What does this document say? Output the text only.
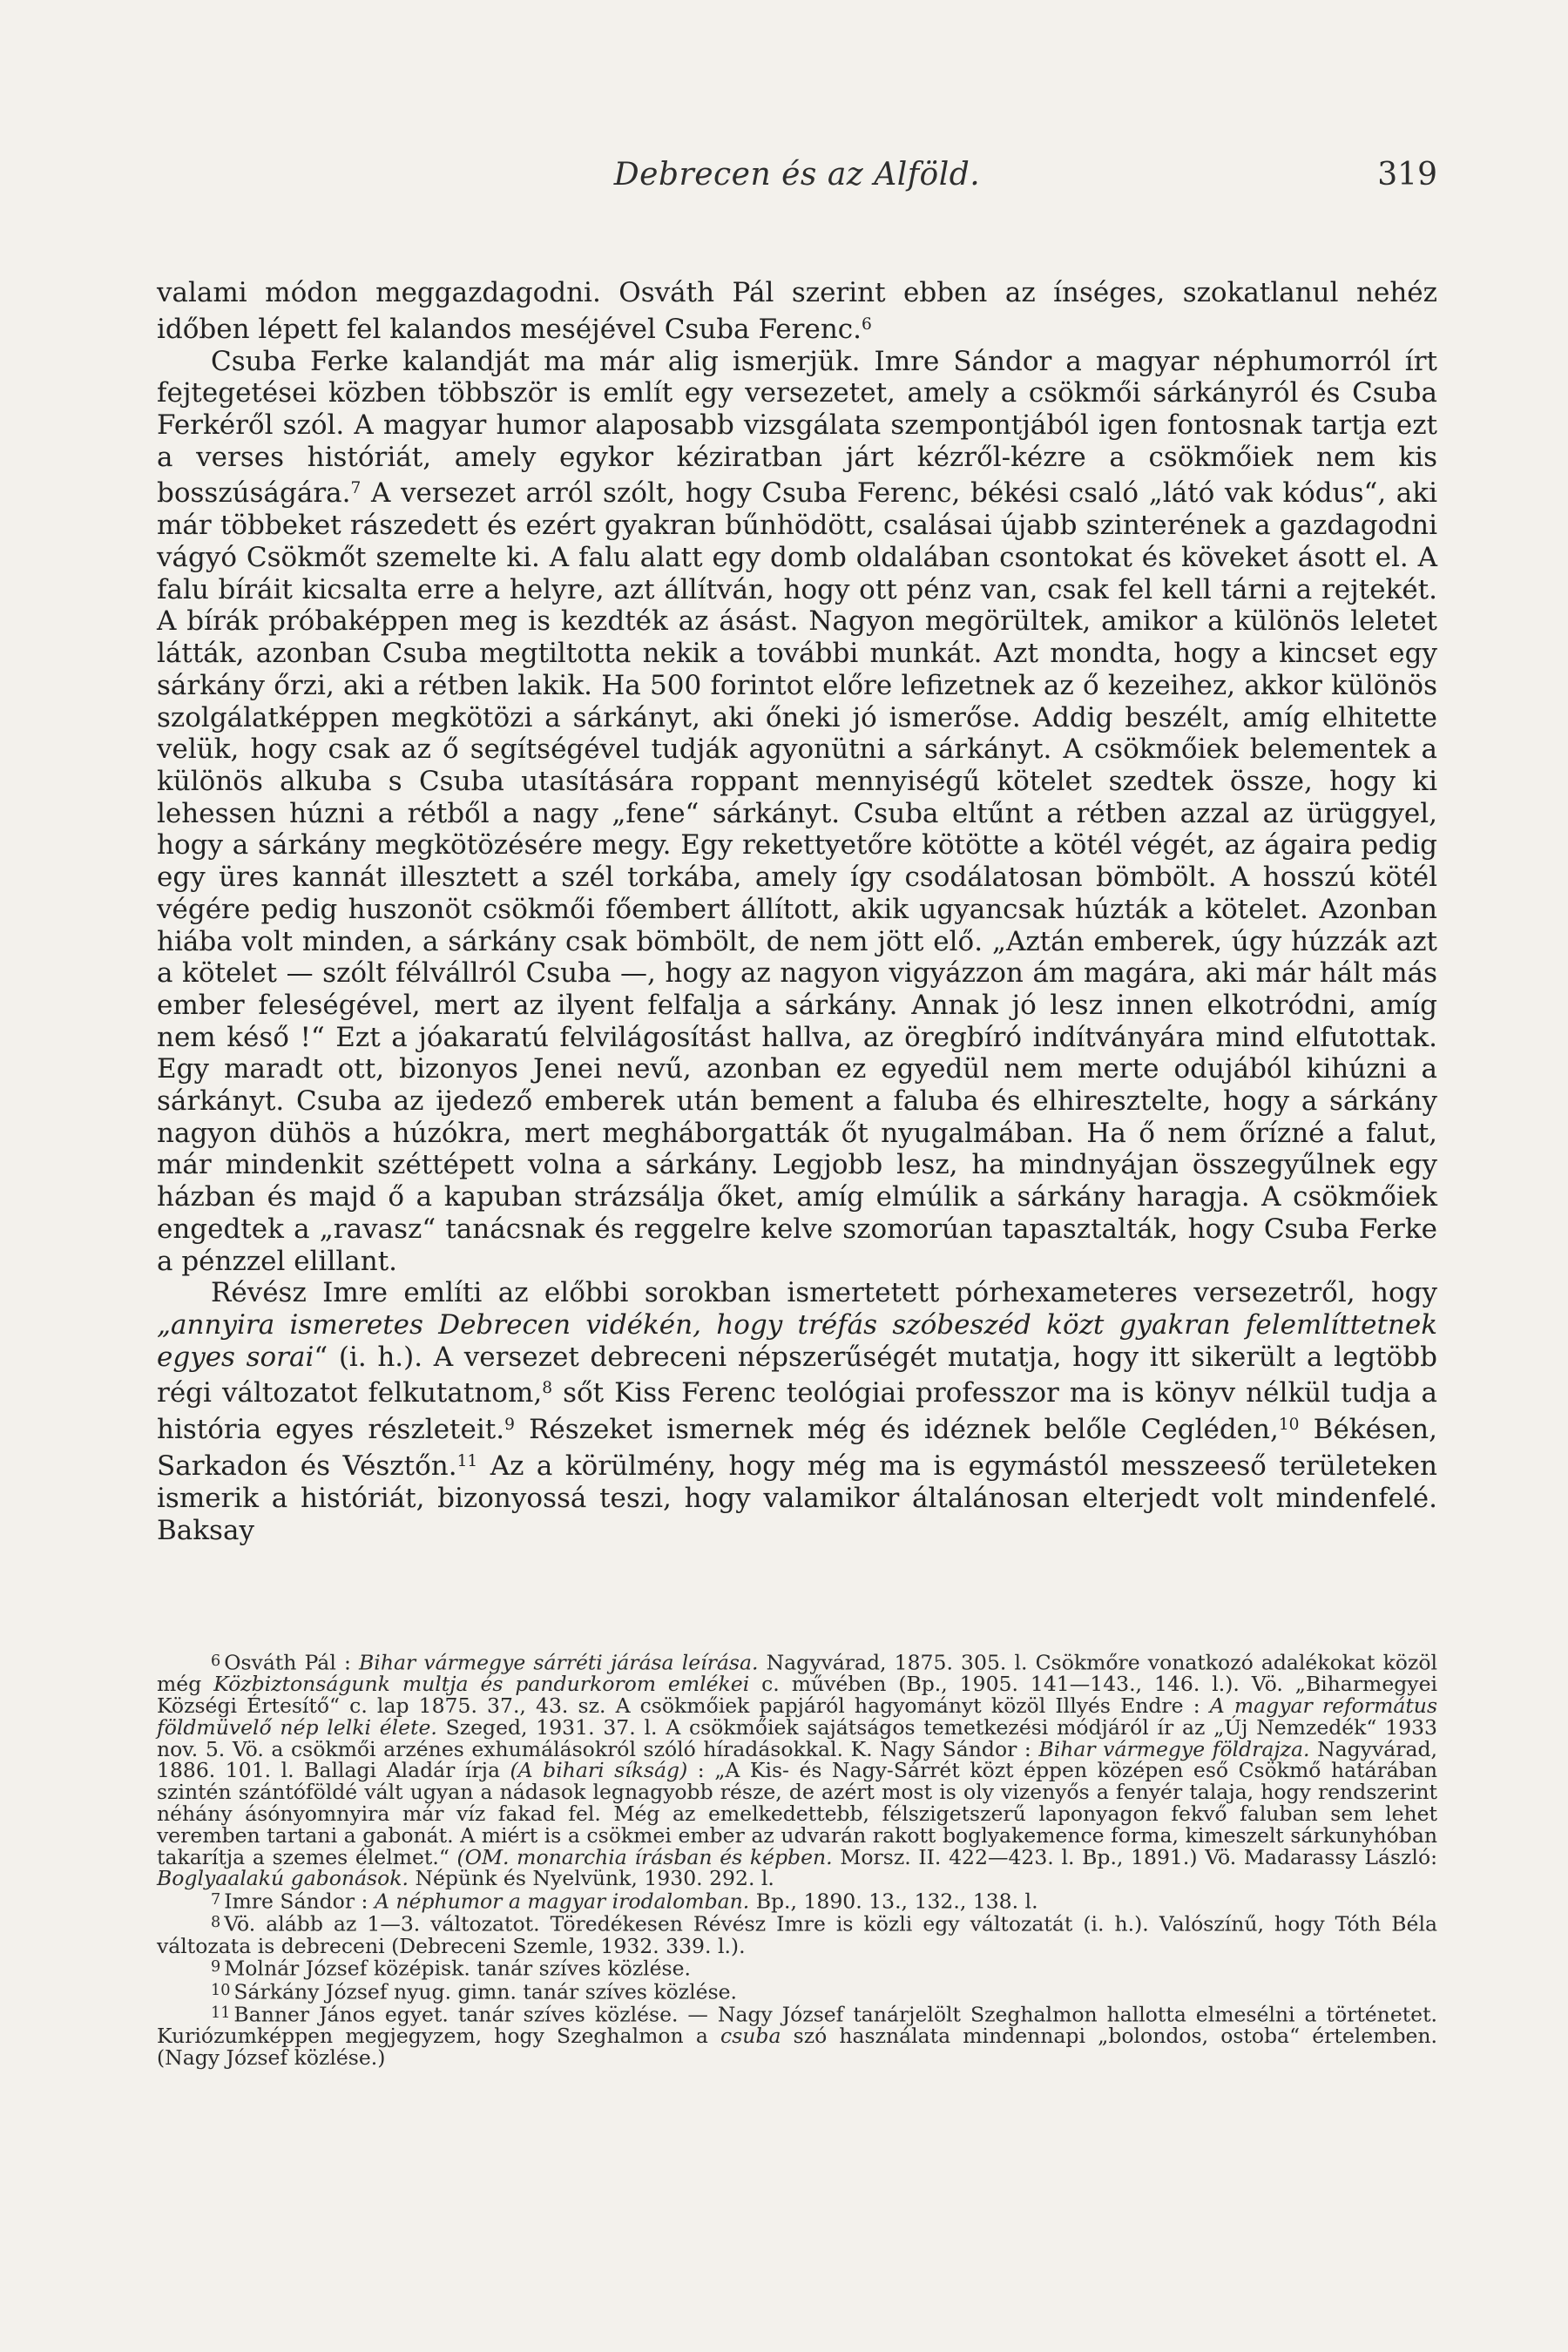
Debrecen és az Alföld.	319

valami módon meggazdagodni. Osváth Pál szerint ebben az ínséges, szokatlanul nehéz időben lépett fel kalandos meséjével Csuba Ferenc.$^6$

Csuba Ferke kalandját ma már alig ismerjük. Imre Sándor a magyar néphumorról írt fejtegetései közben többször is említ egy versezetet, amely a csökmői sárkányról és Csuba Ferkéről szól. A magyar humor alaposabb vizsgálata szempontjából igen fontosnak tartja ezt a verses históriát, amely egykor kéziratban járt kézről-kézre a csökmőiek nem kis bosszúságára.$^7$ A versezet arról szólt, hogy Csuba Ferenc, békési csaló „látó vak kódus“, aki már többeket rászedett és ezért gyakran bűnhödött, csalásai újabb szinterének a gazdagodni vágyó Csökmőt szemelte ki. A falu alatt egy domb oldalában csontokat és köveket ásott el. A falu bíráit kicsalta erre a helyre, azt állítván, hogy ott pénz van, csak fel kell tárni a rejtekét. A bírák próbaképpen meg is kezdték az ásást. Nagyon megörültek, amikor a különös leletet látták, azonban Csuba megtiltotta nekik a további munkát. Azt mondta, hogy a kincset egy sárkány őrzi, aki a rétben lakik. Ha 500 forintot előre lefizetnek az ő kezeihez, akkor különös szolgálatképpen megkötözi a sárkányt, aki őneki jó ismerőse. Addig beszélt, amíg elhitette velük, hogy csak az ő segítségével tudják agyonütni a sárkányt. A csökmőiek belementek a különös alkuba s Csuba utasítására roppant mennyiségű kötelet szedtek össze, hogy ki lehessen húzni a rétből a nagy „fene“ sárkányt. Csuba eltűnt a rétben azzal az ürüggyel, hogy a sárkány megkötözésére megy. Egy rekettyetőre kötötte a kötél végét, az ágaira pedig egy üres kannát illesztett a szél torkába, amely így csodálatosan bömbölt. A hosszú kötél végére pedig huszonöt csökmői főembert állított, akik ugyancsak húzták a kötelet. Azonban hiába volt minden, a sárkány csak bömbölt, de nem jött elő. „Aztán emberek, úgy húzzák azt a kötelet — szólt félvállról Csuba —, hogy az nagyon vigyázzon ám magára, aki már hált más ember feleségével, mert az ilyent felfalja a sárkány. Annak jó lesz innen elkotródni, amíg nem késő !“ Ezt a jóakaratú felvilágosítást hallva, az öregbíró indítványára mind elfutottak. Egy maradt ott, bizonyos Jenei nevű, azonban ez egyedül nem merte odujából kihúzni a sárkányt. Csuba az ijedező emberek után bement a faluba és elhiresztelte, hogy a sárkány nagyon dühös a húzókra, mert megháborgatták őt nyugalmában. Ha ő nem őrízné a falut, már mindenkit széttépett volna a sárkány. Legjobb lesz, ha mindnyájan összegyűlnek egy házban és majd ő a kapuban strázsálja őket, amíg elmúlik a sárkány haragja. A csökmőiek engedtek a „ravasz“ tanácsnak és reggelre kelve szomorúan tapasztalták, hogy Csuba Ferke a pénzzel elillant.

Révész Imre említi az előbbi sorokban ismertetett pórhexameteres versezetről, hogy „annyira ismeretes Debrecen vidékén, hogy tréfás szóbeszéd közt gyakran felemlíttetnek egyes sorai“ (i. h.). A versezet debreceni népszerűségét mutatja, hogy itt sikerült a legtöbb régi változatot felkutatnom,$^8$ sőt Kiss Ferenc teológiai professzor ma is könyv nélkül tudja a história egyes részleteit.$^9$ Részeket ismernek még és idéznek belőle Cegléden,$^{10}$ Békésen, Sarkadon és Vésztőn.$^{11}$ Az a körülmény, hogy még ma is egymástól messzeeső területeken ismerik a históriát, bizonyossá teszi, hogy valamikor általánosan elterjedt volt mindenfelé. Baksay

6 Osváth Pál : Bihar vármegye sárréti járása leírása. Nagyvárad, 1875. 305. l. Csökmőre vonatkozó adalékokat közöl még Közbiztonságunk multja és pandurkorom emlékei c. művében (Bp., 1905. 141—143., 146. l.). Vö. „Biharmegyei Községi Értesítő“ c. lap 1875. 37., 43. sz. A csökmőiek papjáról hagyományt közöl Illyés Endre : A magyar református földmüvelő nép lelki élete. Szeged, 1931. 37. l. A csökmőiek sajátságos temetkezési módjáról ír az „Új Nemzedék“ 1933 nov. 5. Vö. a csökmői arzénes exhumálásokról szóló híradásokkal. K. Nagy Sándor : Bihar vármegye földrajza. Nagyvárad, 1886. 101. l. Ballagi Aladár írja (A bihari síkság) : „A Kis- és Nagy-Sárrét közt éppen középen eső Csökmő határában szintén szántóföldé vált ugyan a nádasok legnagyobb része, de azért most is oly vizenyős a fenyér talaja, hogy rendszerint néhány ásónyomnyira már víz fakad fel. Még az emelkedettebb, félszigetszerű laponyagon fekvő faluban sem lehet veremben tartani a gabonát. A miért is a csökmei ember az udvarán rakott boglyakemence forma, kimeszelt sárkunyhóban takarítja a szemes élelmet.“ (OM. monarchia írásban és képben. Morsz. II. 422—423. l. Bp., 1891.) Vö. Madarassy László: Boglyaalakú gabonások. Népünk és Nyelvünk, 1930. 292. l.

7 Imre Sándor : A néphumor a magyar irodalomban. Bp., 1890. 13., 132., 138. l.

8 Vö. alább az 1—3. változatot. Töredékesen Révész Imre is közli egy változatát (i. h.). Valószínű, hogy Tóth Béla változata is debreceni (Debreceni Szemle, 1932. 339. l.).

9 Molnár József középisk. tanár szíves közlése.

10 Sárkány József nyug. gimn. tanár szíves közlése.

11 Banner János egyet. tanár szíves közlése. — Nagy József tanárjelölt Szeghalmon hallotta elmesélni a történetet. Kuriózumképpen megjegyzem, hogy Szeghalmon a csuba szó használata mindennapi „bolondos, ostoba“ értelemben. (Nagy József közlése.)
